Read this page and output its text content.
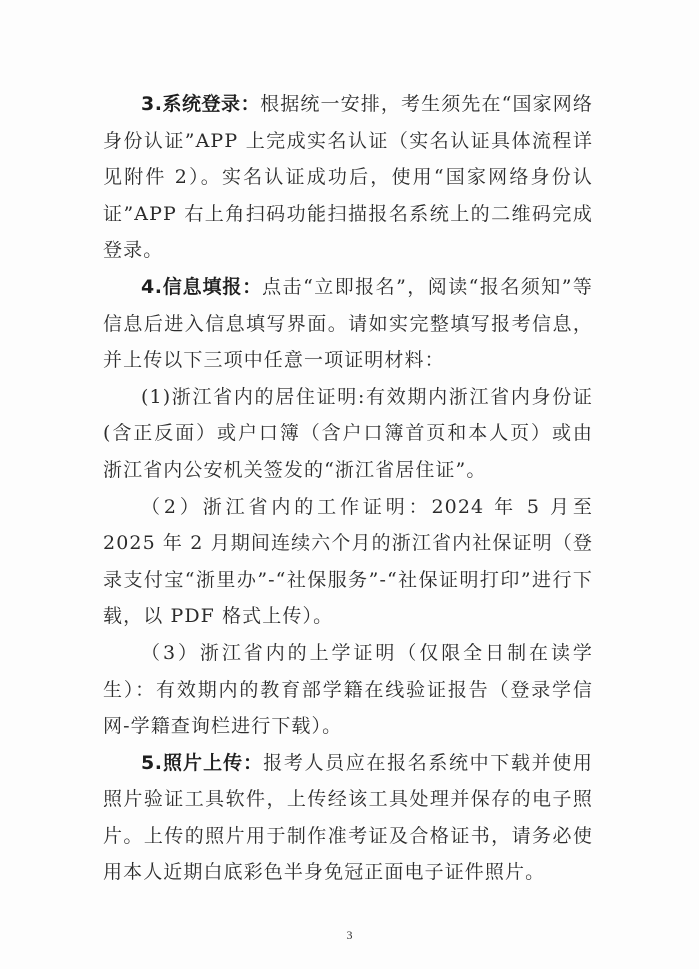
3.系统登录：根据统一安排，考生须先在“国家网络身份认证”APP 上完成实名认证（实名认证具体流程详见附件 2）。实名认证成功后，使用“国家网络身份认证”APP 右上角扫码功能扫描报名系统上的二维码完成登录。

4.信息填报：点击“立即报名”，阅读“报名须知”等信息后进入信息填写界面。请如实完整填写报考信息，并上传以下三项中任意一项证明材料：

(1)浙江省内的居住证明:有效期内浙江省内身份证(含正反面）或户口簿（含户口簿首页和本人页）或由浙江省内公安机关签发的“浙江省居住证”。

（2）浙江省内的工作证明：2024 年 5 月至 2025 年 2 月期间连续六个月的浙江省内社保证明（登录支付宝“浙里办”-“社保服务”-“社保证明打印”进行下载，以 PDF 格式上传）。

（3）浙江省内的上学证明（仅限全日制在读学生）：有效期内的教育部学籍在线验证报告（登录学信网-学籍查询栏进行下载）。

5.照片上传：报考人员应在报名系统中下载并使用照片验证工具软件，上传经该工具处理并保存的电子照片。上传的照片用于制作准考证及合格证书，请务必使用本人近期白底彩色半身免冠正面电子证件照片。

3
